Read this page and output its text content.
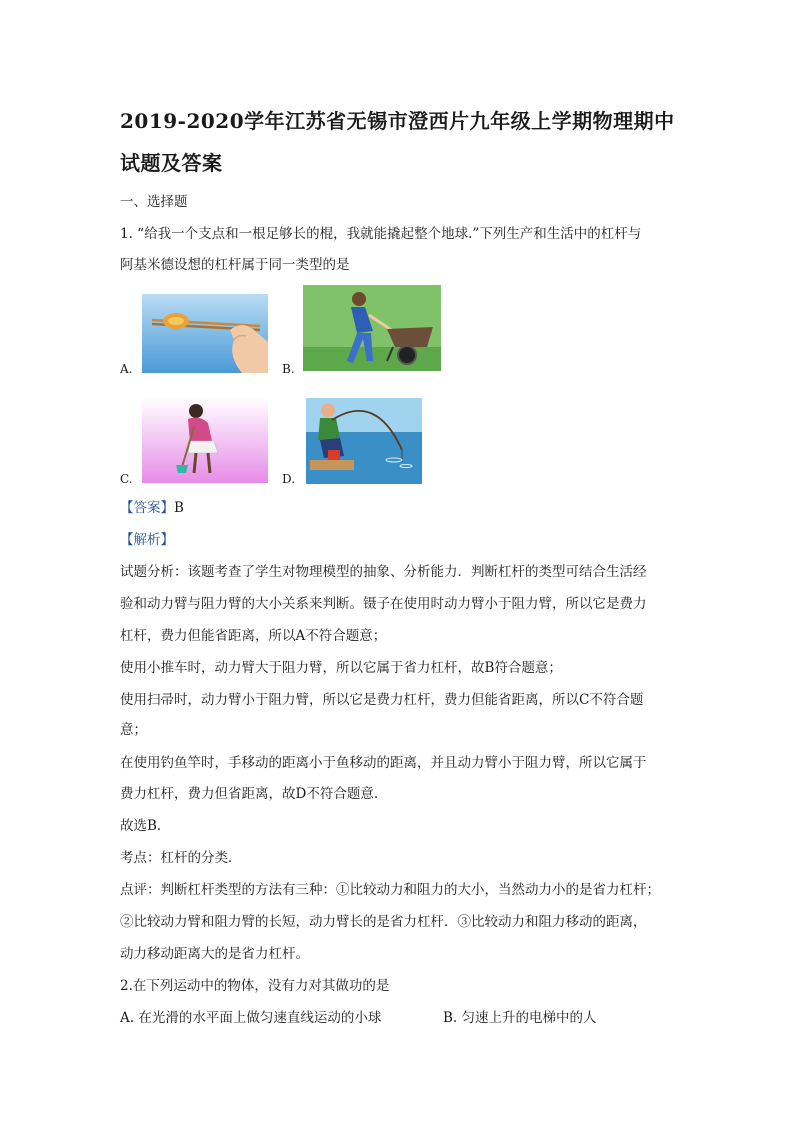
2019-2020学年江苏省无锡市澄西片九年级上学期物理期中
试题及答案
一、选择题
1. “给我一个支点和一根足够长的棍，我就能撬起整个地球.”下列生产和生活中的杠杆与
阿基米德设想的杠杆属于同一类型的是
A.	B.
C.	D.
【答案】B
【解析】
试题分析：该题考查了学生对物理模型的抽象、分析能力．判断杠杆的类型可结合生活经
验和动力臂与阻力臂的大小关系来判断。镊子在使用时动力臂小于阻力臂，所以它是费力
杠杆，费力但能省距离，所以A不符合题意；
使用小推车时，动力臂大于阻力臂，所以它属于省力杠杆，故B符合题意；
使用扫帚时，动力臂小于阻力臂，所以它是费力杠杆，费力但能省距离，所以C不符合题
意；
在使用钓鱼竿时，手移动的距离小于鱼移动的距离，并且动力臂小于阻力臂，所以它属于
费力杠杆，费力但省距离，故D不符合题意.
故选B．
考点：杠杆的分类．
点评：判断杠杆类型的方法有三种：①比较动力和阻力的大小，当然动力小的是省力杠杆；
②比较动力臂和阻力臂的长短，动力臂长的是省力杠杆．③比较动力和阻力移动的距离，
动力移动距离大的是省力杠杆。
2.在下列运动中的物体，没有力对其做功的是
A. 在光滑的水平面上做匀速直线运动的小球	B. 匀速上升的电梯中的人
